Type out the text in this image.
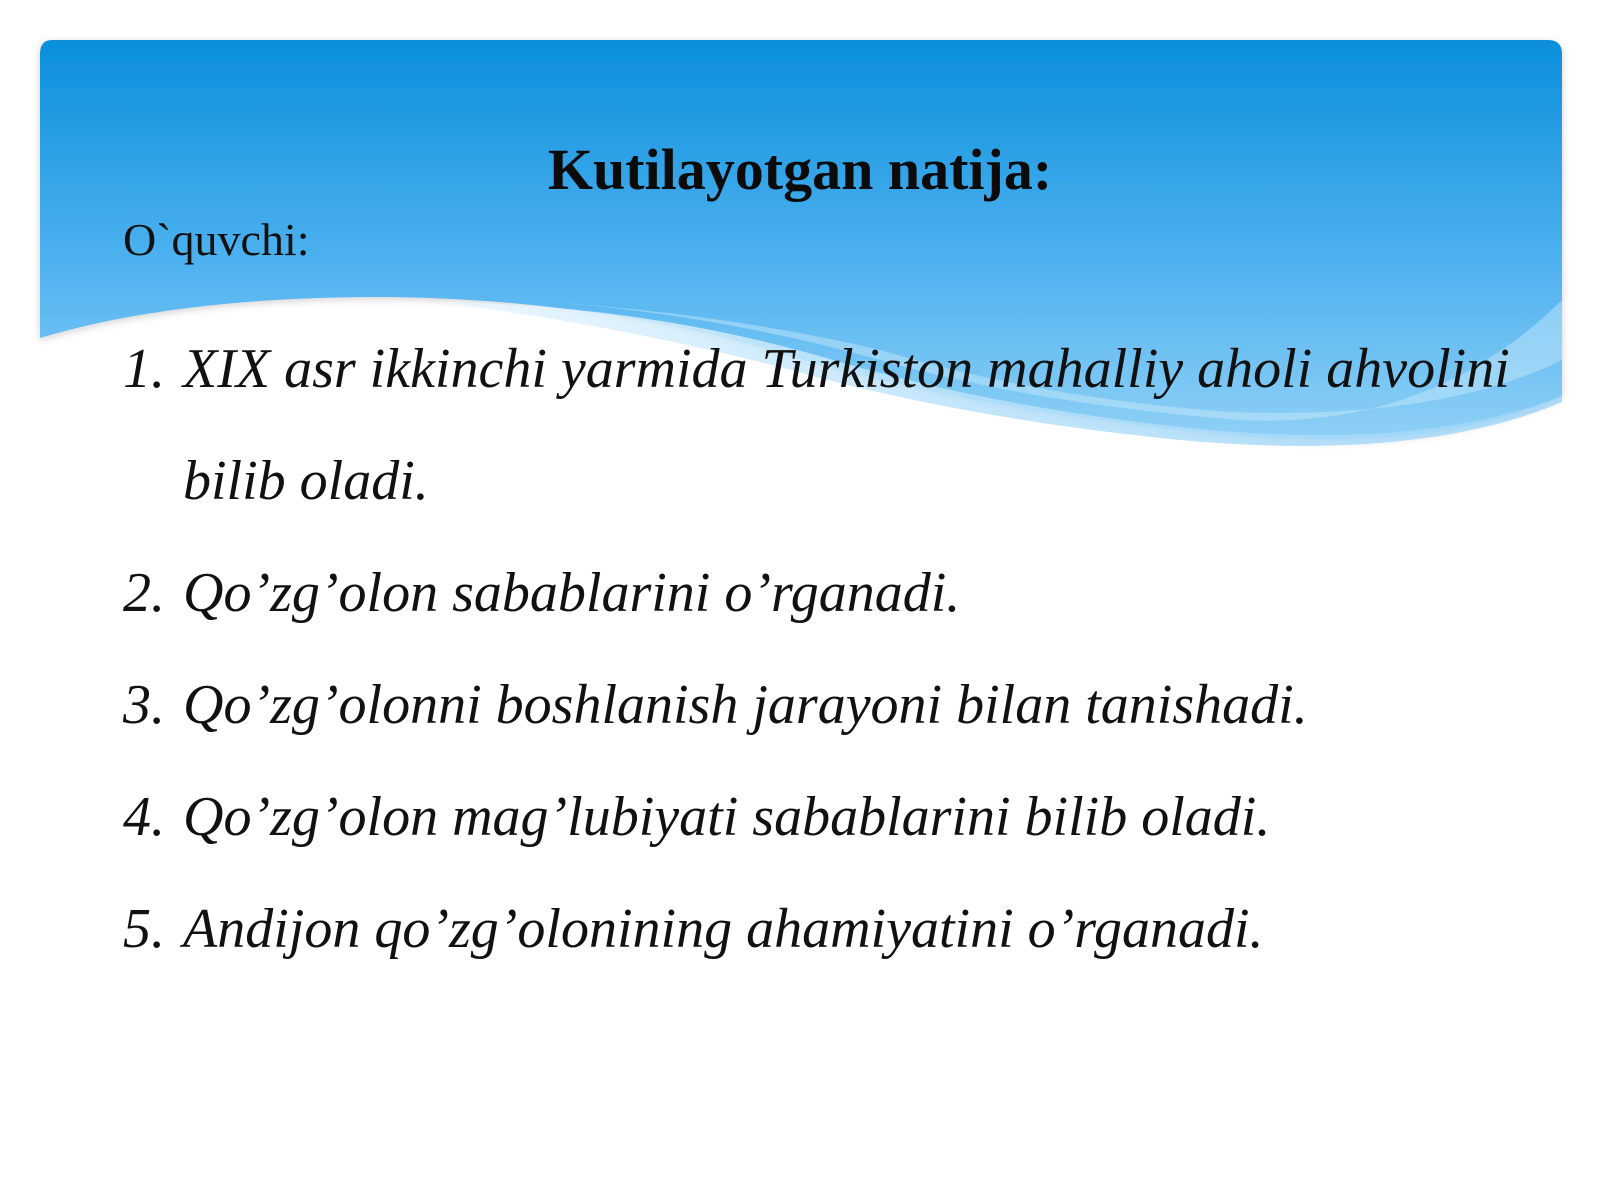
Kutilayotgan natija:
O`quvchi:
1. XIX asr ikkinchi yarmida Turkiston mahalliy aholi ahvolini bilib oladi.
2. Qo’zg’olon sabablarini o’rganadi.
3. Qo’zg’olonni boshlanish jarayoni bilan tanishadi.
4. Qo’zg’olon mag’lubiyati sabablarini bilib oladi.
5. Andijon qo’zg’olonining ahamiyatini o’rganadi.
